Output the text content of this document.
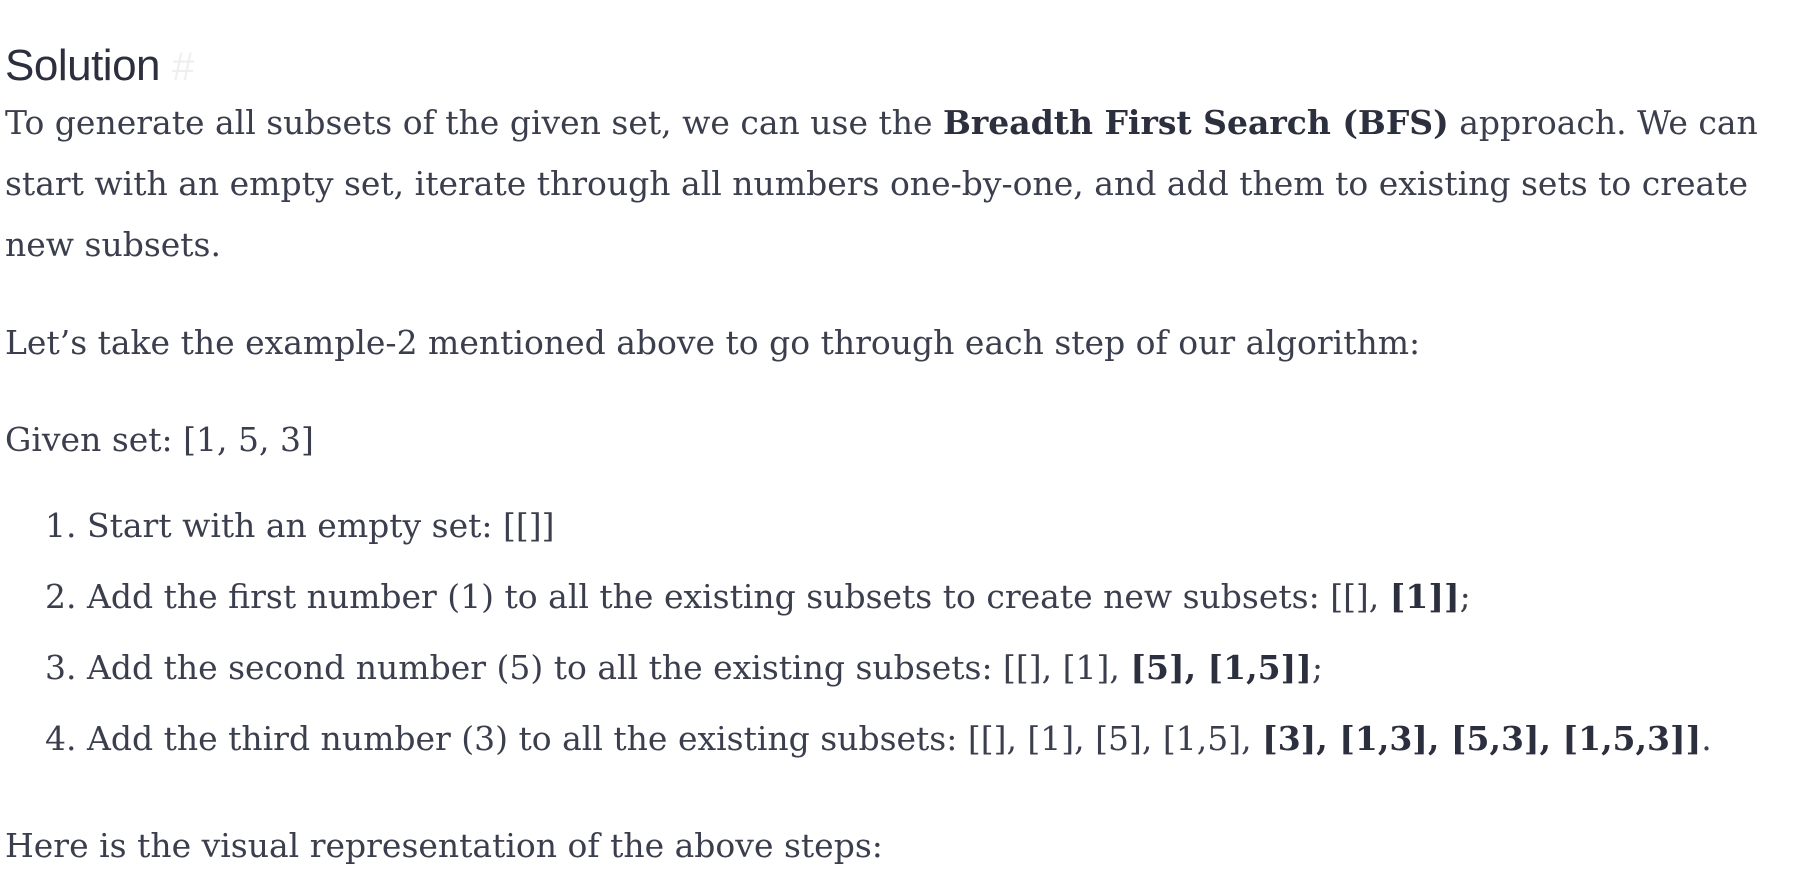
Solution #

To generate all subsets of the given set, we can use the Breadth First Search (BFS) approach. We can start with an empty set, iterate through all numbers one-by-one, and add them to existing sets to create new subsets.

Let’s take the example-2 mentioned above to go through each step of our algorithm:

Given set: [1, 5, 3]

1. Start with an empty set: [[]]
2. Add the first number (1) to all the existing subsets to create new subsets: [[], [1]];
3. Add the second number (5) to all the existing subsets: [[], [1], [5], [1,5]];
4. Add the third number (3) to all the existing subsets: [[], [1], [5], [1,5], [3], [1,3], [5,3], [1,5,3]].

Here is the visual representation of the above steps:
